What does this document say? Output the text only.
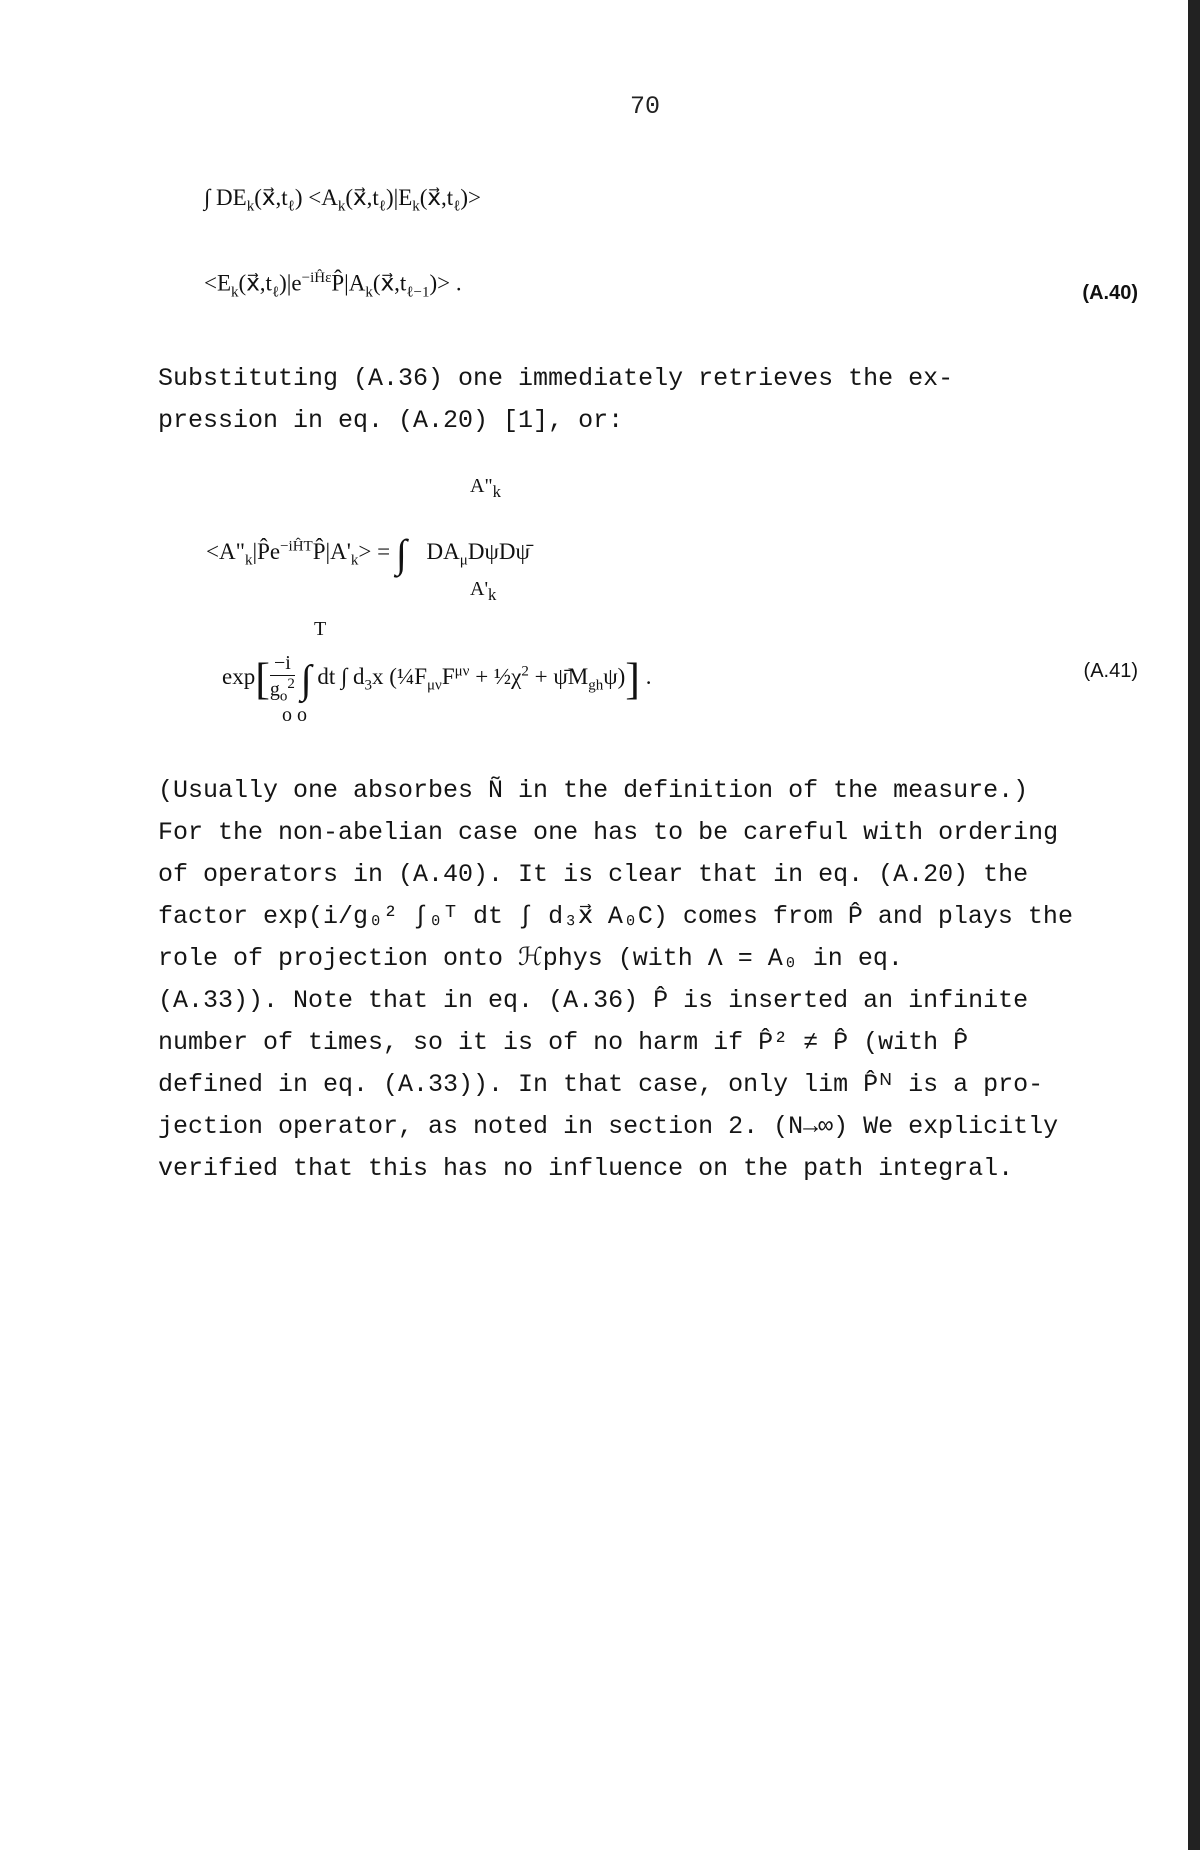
70
∫ $DE_k(x⃗,t_\ell)$ $<A_k(x⃗,t_\ell)|E_k(x⃗,t_\ell)>$
$<E_k(x⃗,t_\ell)|e^{-iĤ\varepsilon}P̂|A_k(x⃗,t_{\ell-1})>$ .	(A.40)

Substituting (A.36) one immediately retrieves the ex-

pression in eq. (A.20) [1], or:

$A"_k$
$<A"_k|P̂e^{-iĤT}P̂|A'_k>$ = ∫ $DA_\mu D\psi D\psī$
$A'_k$
T
$\exp[ \frac{-i}{g_o^2}$ ∫ dt ∫ $d_3x$ ($\frac{1}{4}F_{\mu\nu}F^{\mu\nu}$ + $\frac{1}{2}\chi^2$ + $\psīM_{gh}\psi$)] .
o o
(A.41)

(Usually one absorbes Ñ in the definition of the measure.)

For the non-abelian case one has to be careful with ordering

of operators in (A.40). It is clear that in eq. (A.20) the

factor exp(i/g₀² ∫₀ᵀ dt ∫ d₃x⃗ A₀C) comes from P̂ and plays the

role of projection onto ℋphys (with Λ = A₀ in eq.

(A.33)). Note that in eq. (A.36) P̂ is inserted an infinite

number of times, so it is of no harm if P̂² ≠ P̂ (with P̂

defined in eq. (A.33)). In that case, only lim P̂ᴺ is a pro-

jection operator, as noted in section 2. (N→∞) We explicitly

verified that this has no influence on the path integral.
